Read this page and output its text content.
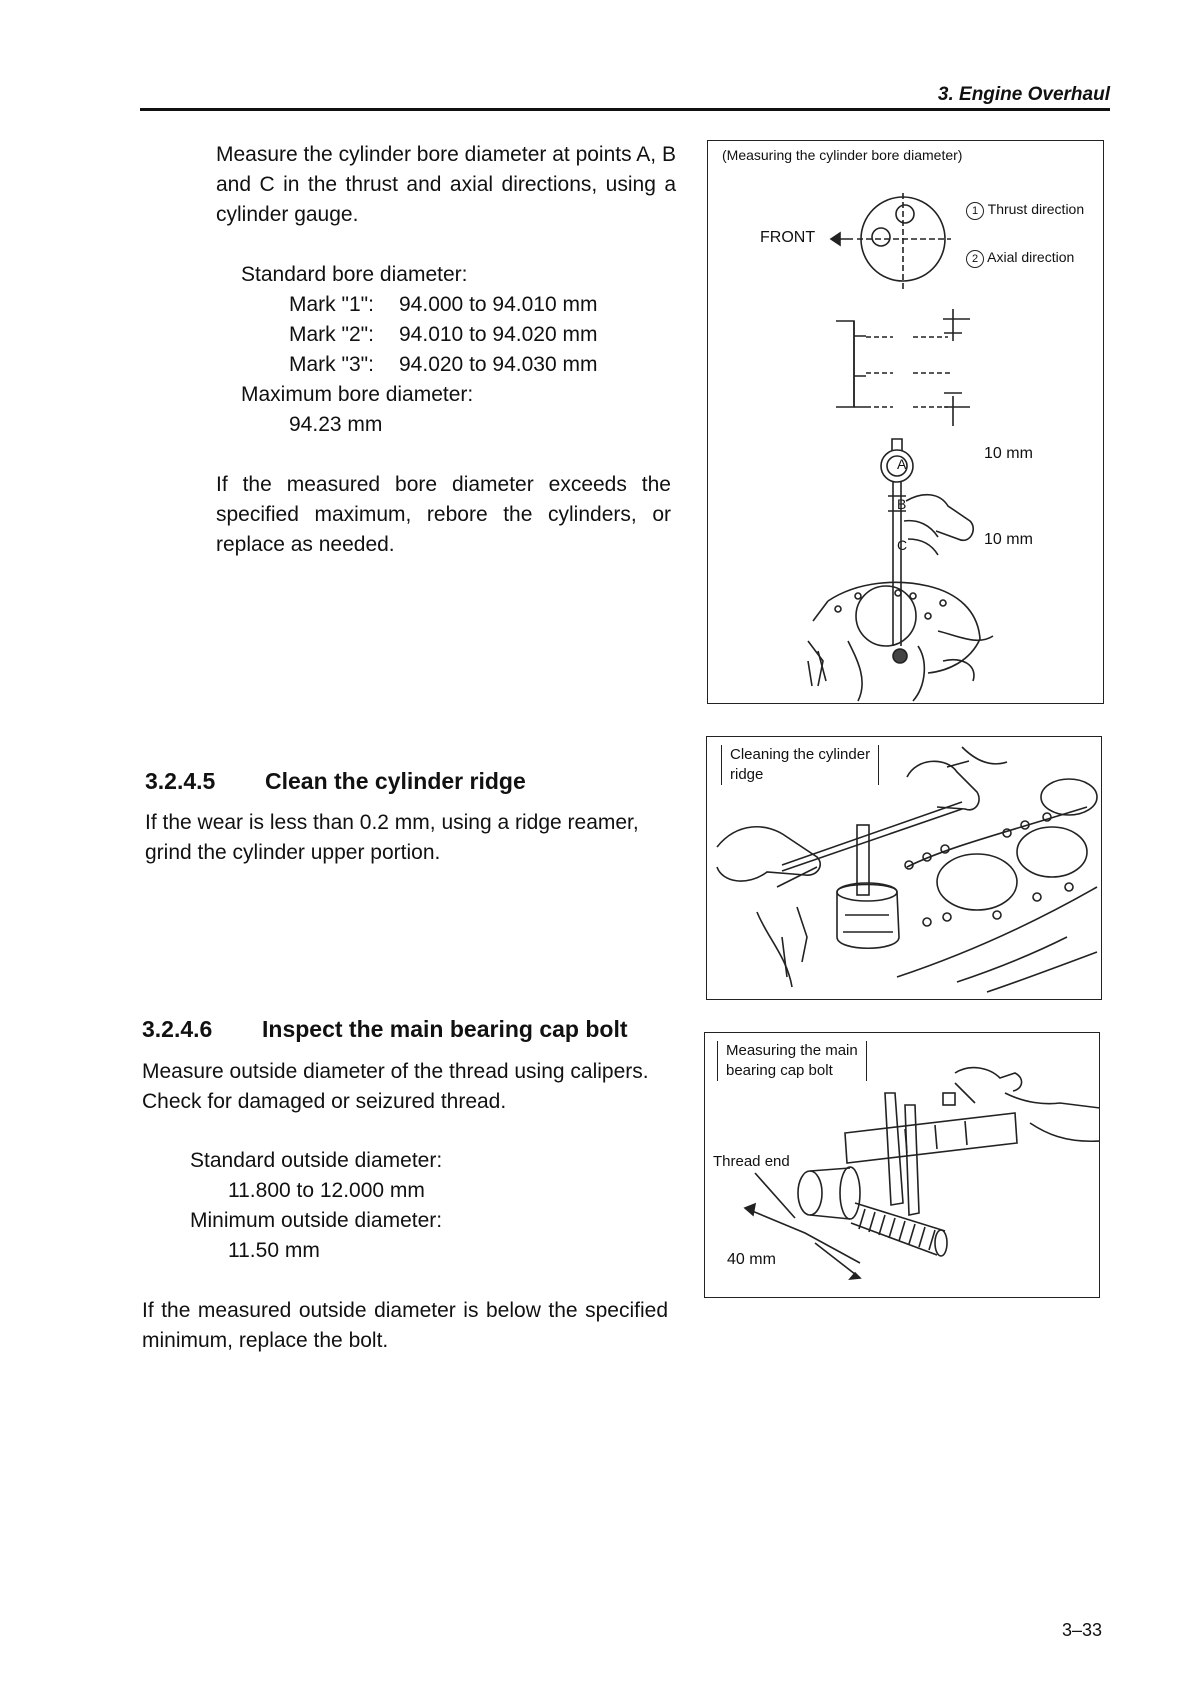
3. Engine Overhaul
Measure the cylinder bore diameter at points A, B and C in the thrust and axial directions, using a cylinder gauge.
Standard bore diameter:
Mark "1": 94.000 to 94.010 mm
Mark "2": 94.010 to 94.020 mm
Mark "3": 94.020 to 94.030 mm
Maximum bore diameter:
94.23 mm
If the measured bore diameter exceeds the specified maximum, rebore the cylinders, or replace as needed.
(Measuring the cylinder bore diameter)
FRONT
1 Thrust direction
2 Axial direction
A
B
C
10 mm
10 mm
3.2.4.5 Clean the cylinder ridge
If the wear is less than 0.2 mm, using a ridge reamer, grind the cylinder upper portion.
Cleaning the cylinder
ridge
3.2.4.6 Inspect the main bearing cap bolt
Measure outside diameter of the thread using calipers.
Check for damaged or seizured thread.
Standard outside diameter:
11.800 to 12.000 mm
Minimum outside diameter:
11.50 mm
If the measured outside diameter is below the specified minimum, replace the bolt.
Measuring the main
bearing cap bolt
Thread end
40 mm
3–33
